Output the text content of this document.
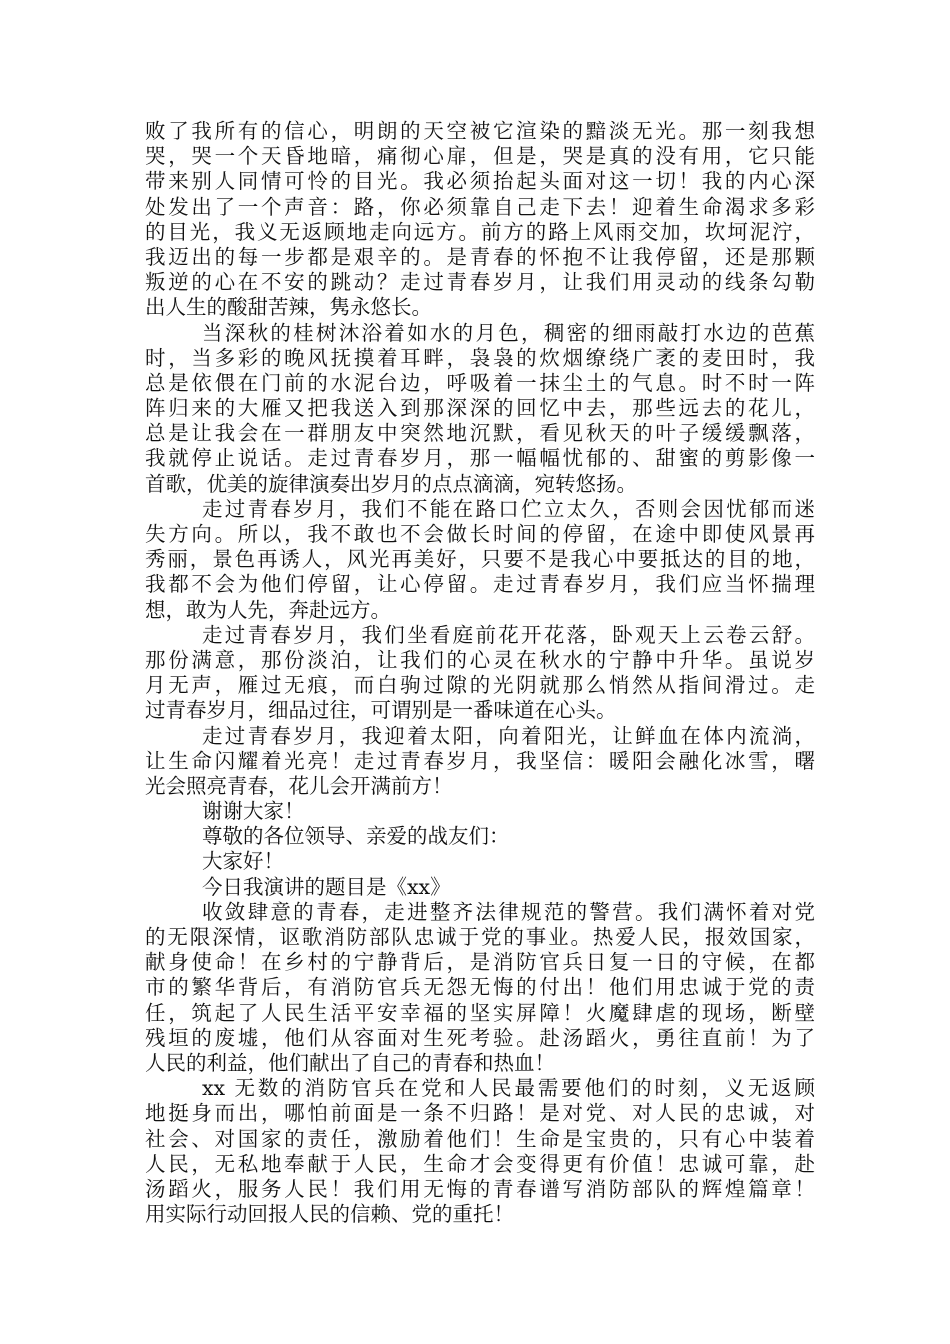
败了我所有的信心，明朗的天空被它渲染的黯淡无光。那一刻我想
哭，哭一个天昏地暗，痛彻心扉，但是，哭是真的没有用，它只能
带来别人同情可怜的目光。我必须抬起头面对这一切！我的内心深
处发出了一个声音：路，你必须靠自己走下去！迎着生命渴求多彩
的目光，我义无返顾地走向远方。前方的路上风雨交加，坎坷泥泞，
我迈出的每一步都是艰辛的。是青春的怀抱不让我停留，还是那颗
叛逆的心在不安的跳动？走过青春岁月，让我们用灵动的线条勾勒
出人生的酸甜苦辣，隽永悠长。
当深秋的桂树沐浴着如水的月色，稠密的细雨敲打水边的芭蕉
时，当多彩的晚风抚摸着耳畔，袅袅的炊烟缭绕广袤的麦田时，我
总是依偎在门前的水泥台边，呼吸着一抹尘土的气息。时不时一阵
阵归来的大雁又把我送入到那深深的回忆中去，那些远去的花儿，
总是让我会在一群朋友中突然地沉默，看见秋天的叶子缓缓飘落，
我就停止说话。走过青春岁月，那一幅幅忧郁的、甜蜜的剪影像一
首歌，优美的旋律演奏出岁月的点点滴滴，宛转悠扬。
走过青春岁月，我们不能在路口伫立太久，否则会因忧郁而迷
失方向。所以，我不敢也不会做长时间的停留，在途中即使风景再
秀丽，景色再诱人，风光再美好，只要不是我心中要抵达的目的地，
我都不会为他们停留，让心停留。走过青春岁月，我们应当怀揣理
想，敢为人先，奔赴远方。
走过青春岁月，我们坐看庭前花开花落，卧观天上云卷云舒。
那份满意，那份淡泊，让我们的心灵在秋水的宁静中升华。虽说岁
月无声，雁过无痕，而白驹过隙的光阴就那么悄然从指间滑过。走
过青春岁月，细品过往，可谓别是一番味道在心头。
走过青春岁月，我迎着太阳，向着阳光，让鲜血在体内流淌，
让生命闪耀着光亮！走过青春岁月，我坚信：暖阳会融化冰雪，曙
光会照亮青春，花儿会开满前方！
谢谢大家！
尊敬的各位领导、亲爱的战友们：
大家好！
今日我演讲的题目是《xx》
收敛肆意的青春，走进整齐法律规范的警营。我们满怀着对党
的无限深情，讴歌消防部队忠诚于党的事业。热爱人民，报效国家，
献身使命！在乡村的宁静背后，是消防官兵日复一日的守候，在都
市的繁华背后，有消防官兵无怨无悔的付出！他们用忠诚于党的责
任，筑起了人民生活平安幸福的坚实屏障！火魔肆虐的现场，断壁
残垣的废墟，他们从容面对生死考验。赴汤蹈火，勇往直前！为了
人民的利益，他们献出了自己的青春和热血！
xx 无数的消防官兵在党和人民最需要他们的时刻，义无返顾
地挺身而出，哪怕前面是一条不归路！是对党、对人民的忠诚，对
社会、对国家的责任，激励着他们！生命是宝贵的，只有心中装着
人民，无私地奉献于人民，生命才会变得更有价值！忠诚可靠，赴
汤蹈火，服务人民！我们用无悔的青春谱写消防部队的辉煌篇章！
用实际行动回报人民的信赖、党的重托！
